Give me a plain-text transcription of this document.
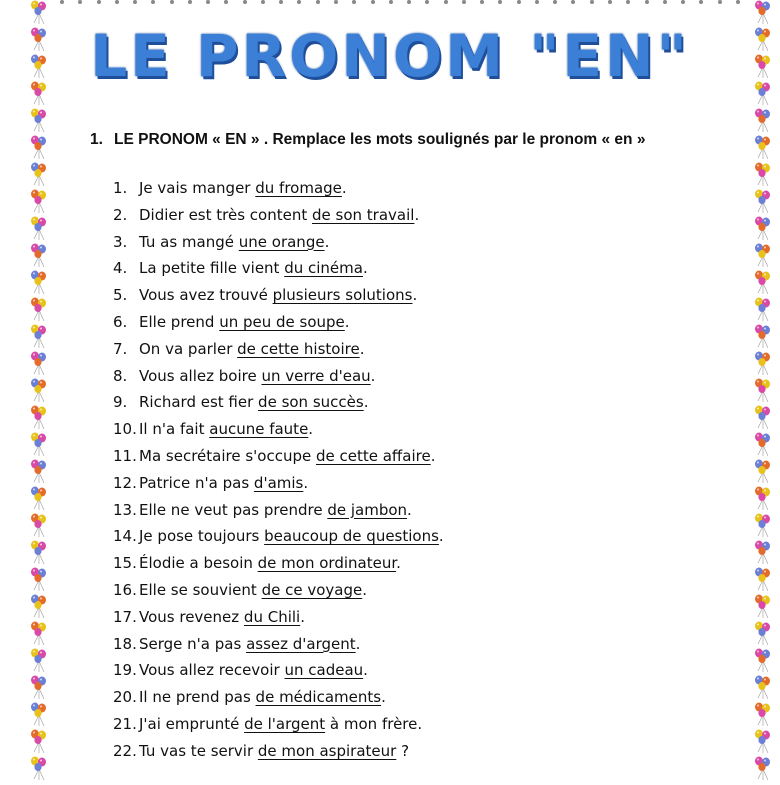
LE PRONOM "EN"
1. LE PRONOM « EN » . Remplace les mots soulignés par le pronom « en »
1. Je vais manger du fromage.
2. Didier est très content de son travail.
3. Tu as mangé une orange.
4. La petite fille vient du cinéma.
5. Vous avez trouvé plusieurs solutions.
6. Elle prend un peu de soupe.
7. On va parler de cette histoire.
8. Vous allez boire un verre d'eau.
9. Richard est fier de son succès.
10. Il n'a fait aucune faute.
11. Ma secrétaire s'occupe de cette affaire.
12. Patrice n'a pas d'amis.
13. Elle ne veut pas prendre de jambon.
14. Je pose toujours beaucoup de questions.
15. Élodie a besoin de mon ordinateur.
16. Elle se souvient de ce voyage.
17. Vous revenez du Chili.
18. Serge n'a pas assez d'argent.
19. Vous allez recevoir un cadeau.
20. Il ne prend pas de médicaments.
21. J'ai emprunté de l'argent à mon frère.
22. Tu vas te servir de mon aspirateur ?
